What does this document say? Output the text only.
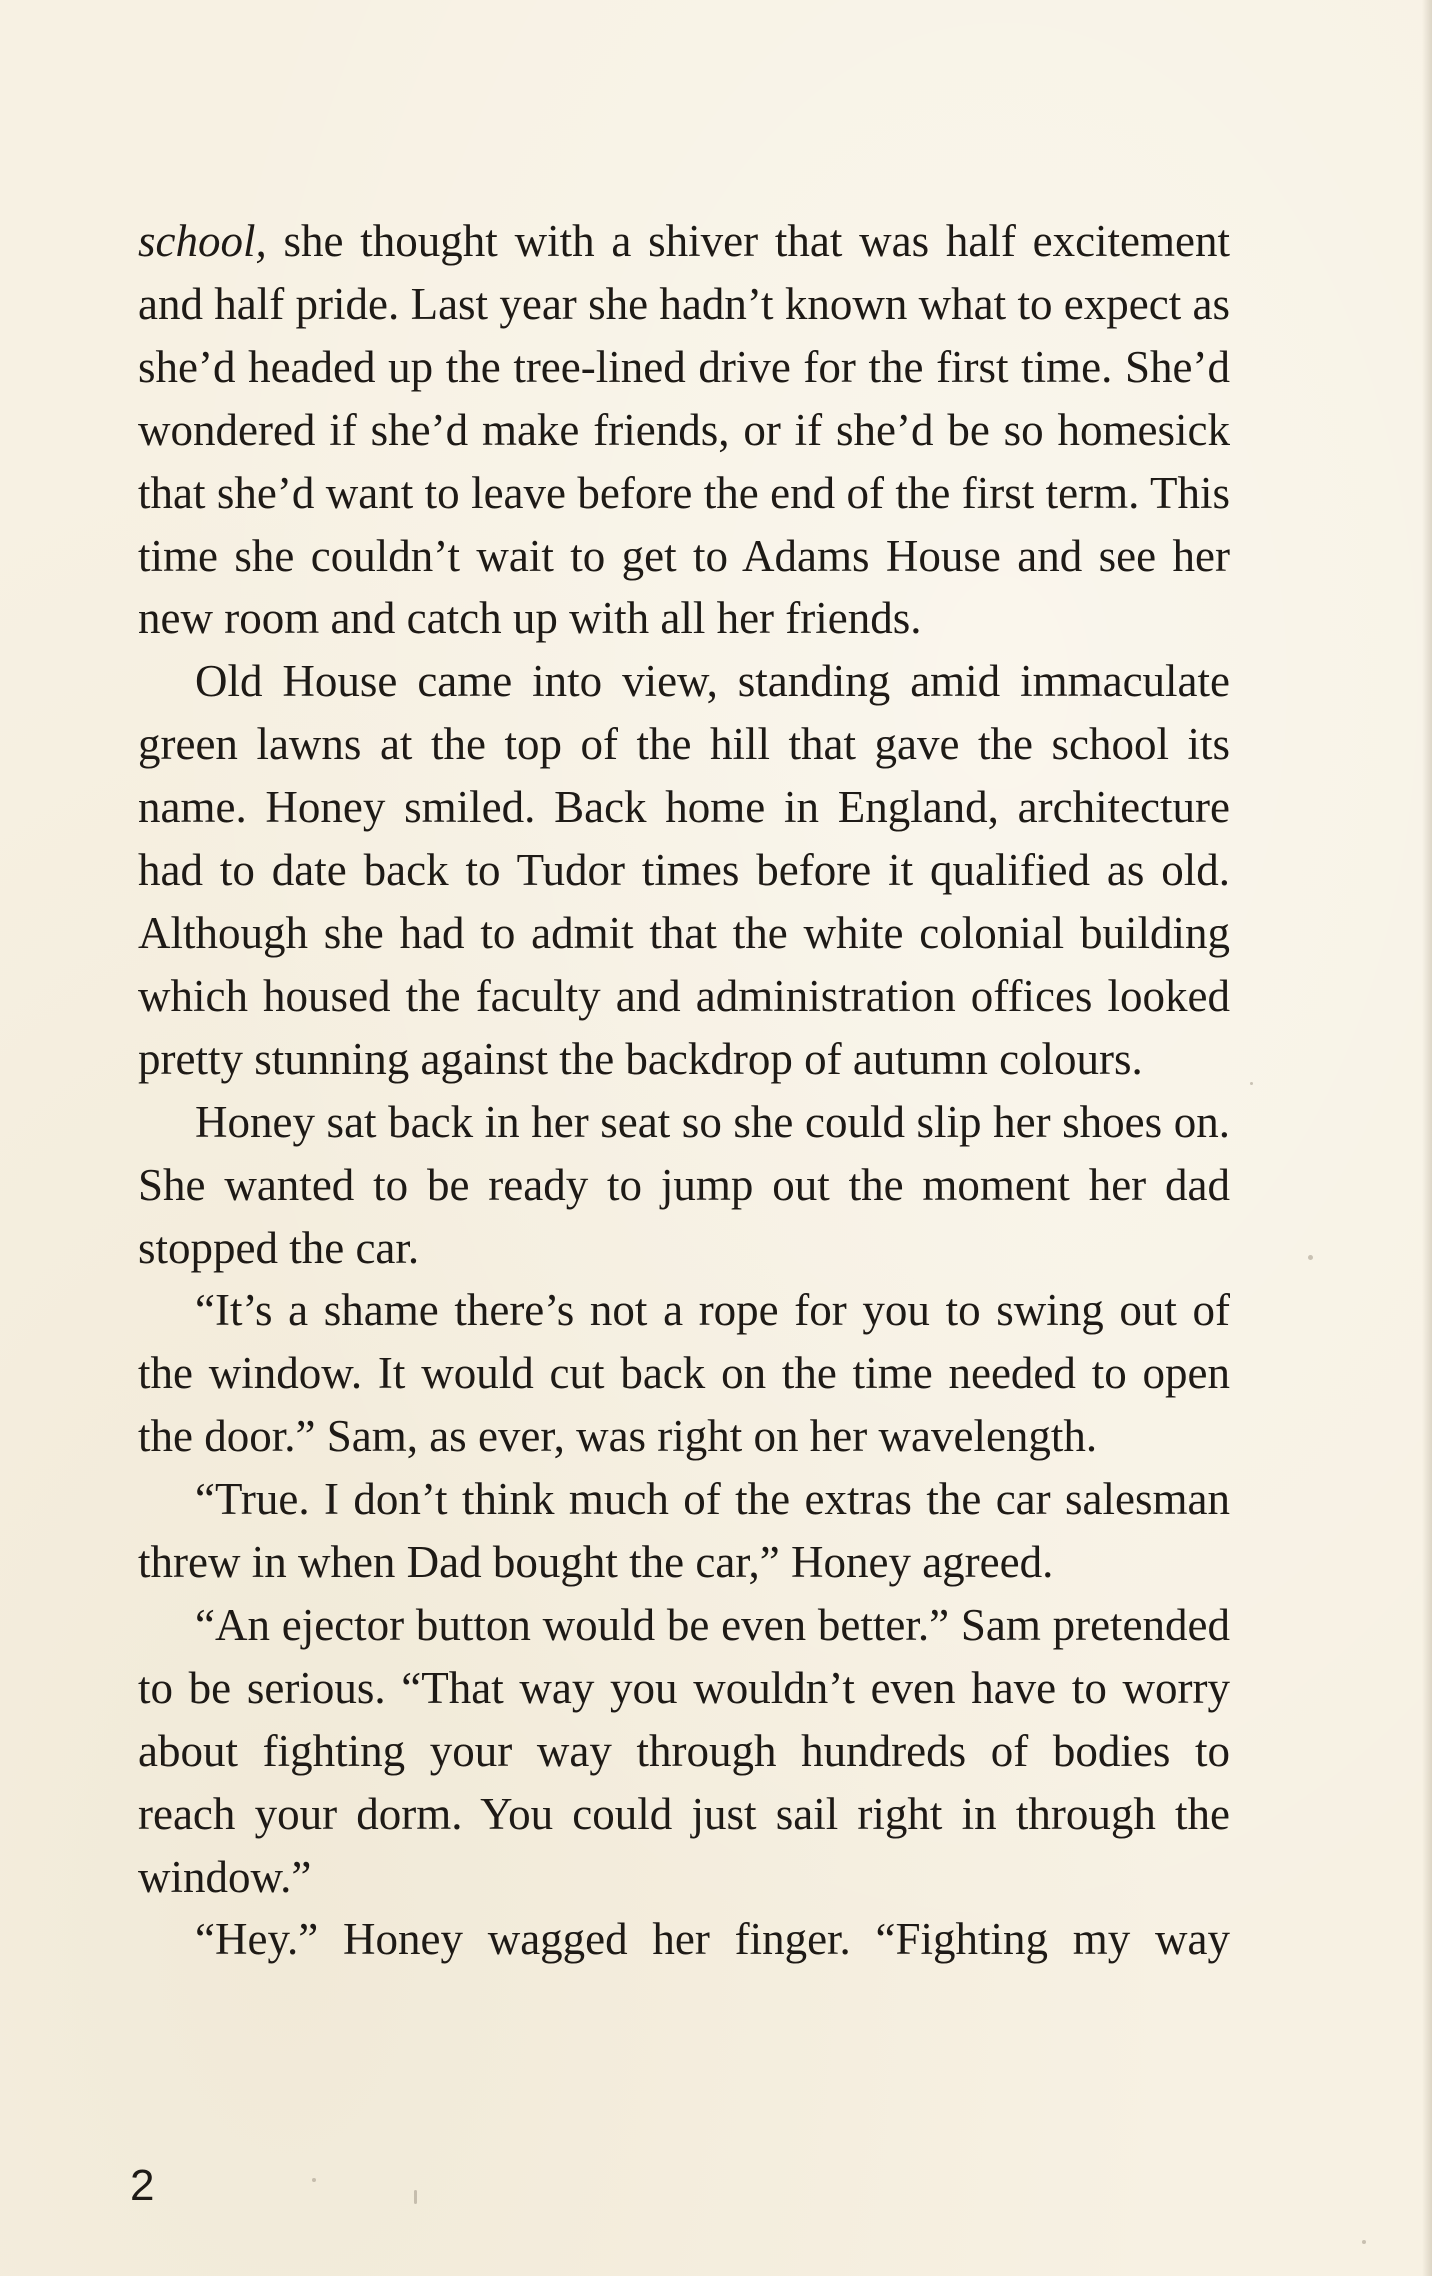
school, she thought with a shiver that was half excitement and half pride. Last year she hadn’t known what to expect as she’d headed up the tree-lined drive for the first time. She’d wondered if she’d make friends, or if she’d be so homesick that she’d want to leave before the end of the first term. This time she couldn’t wait to get to Adams House and see her new room and catch up with all her friends.

Old House came into view, standing amid immaculate green lawns at the top of the hill that gave the school its name. Honey smiled. Back home in England, architecture had to date back to Tudor times before it qualified as old. Although she had to admit that the white colonial building which housed the faculty and administration offices looked pretty stunning against the backdrop of autumn colours.

Honey sat back in her seat so she could slip her shoes on. She wanted to be ready to jump out the moment her dad stopped the car.

“It’s a shame there’s not a rope for you to swing out of the window. It would cut back on the time needed to open the door.” Sam, as ever, was right on her wavelength.

“True. I don’t think much of the extras the car salesman threw in when Dad bought the car,” Honey agreed.

“An ejector button would be even better.” Sam pretended to be serious. “That way you wouldn’t even have to worry about fighting your way through hundreds of bodies to reach your dorm. You could just sail right in through the window.”

“Hey.” Honey wagged her finger. “Fighting my way

2
